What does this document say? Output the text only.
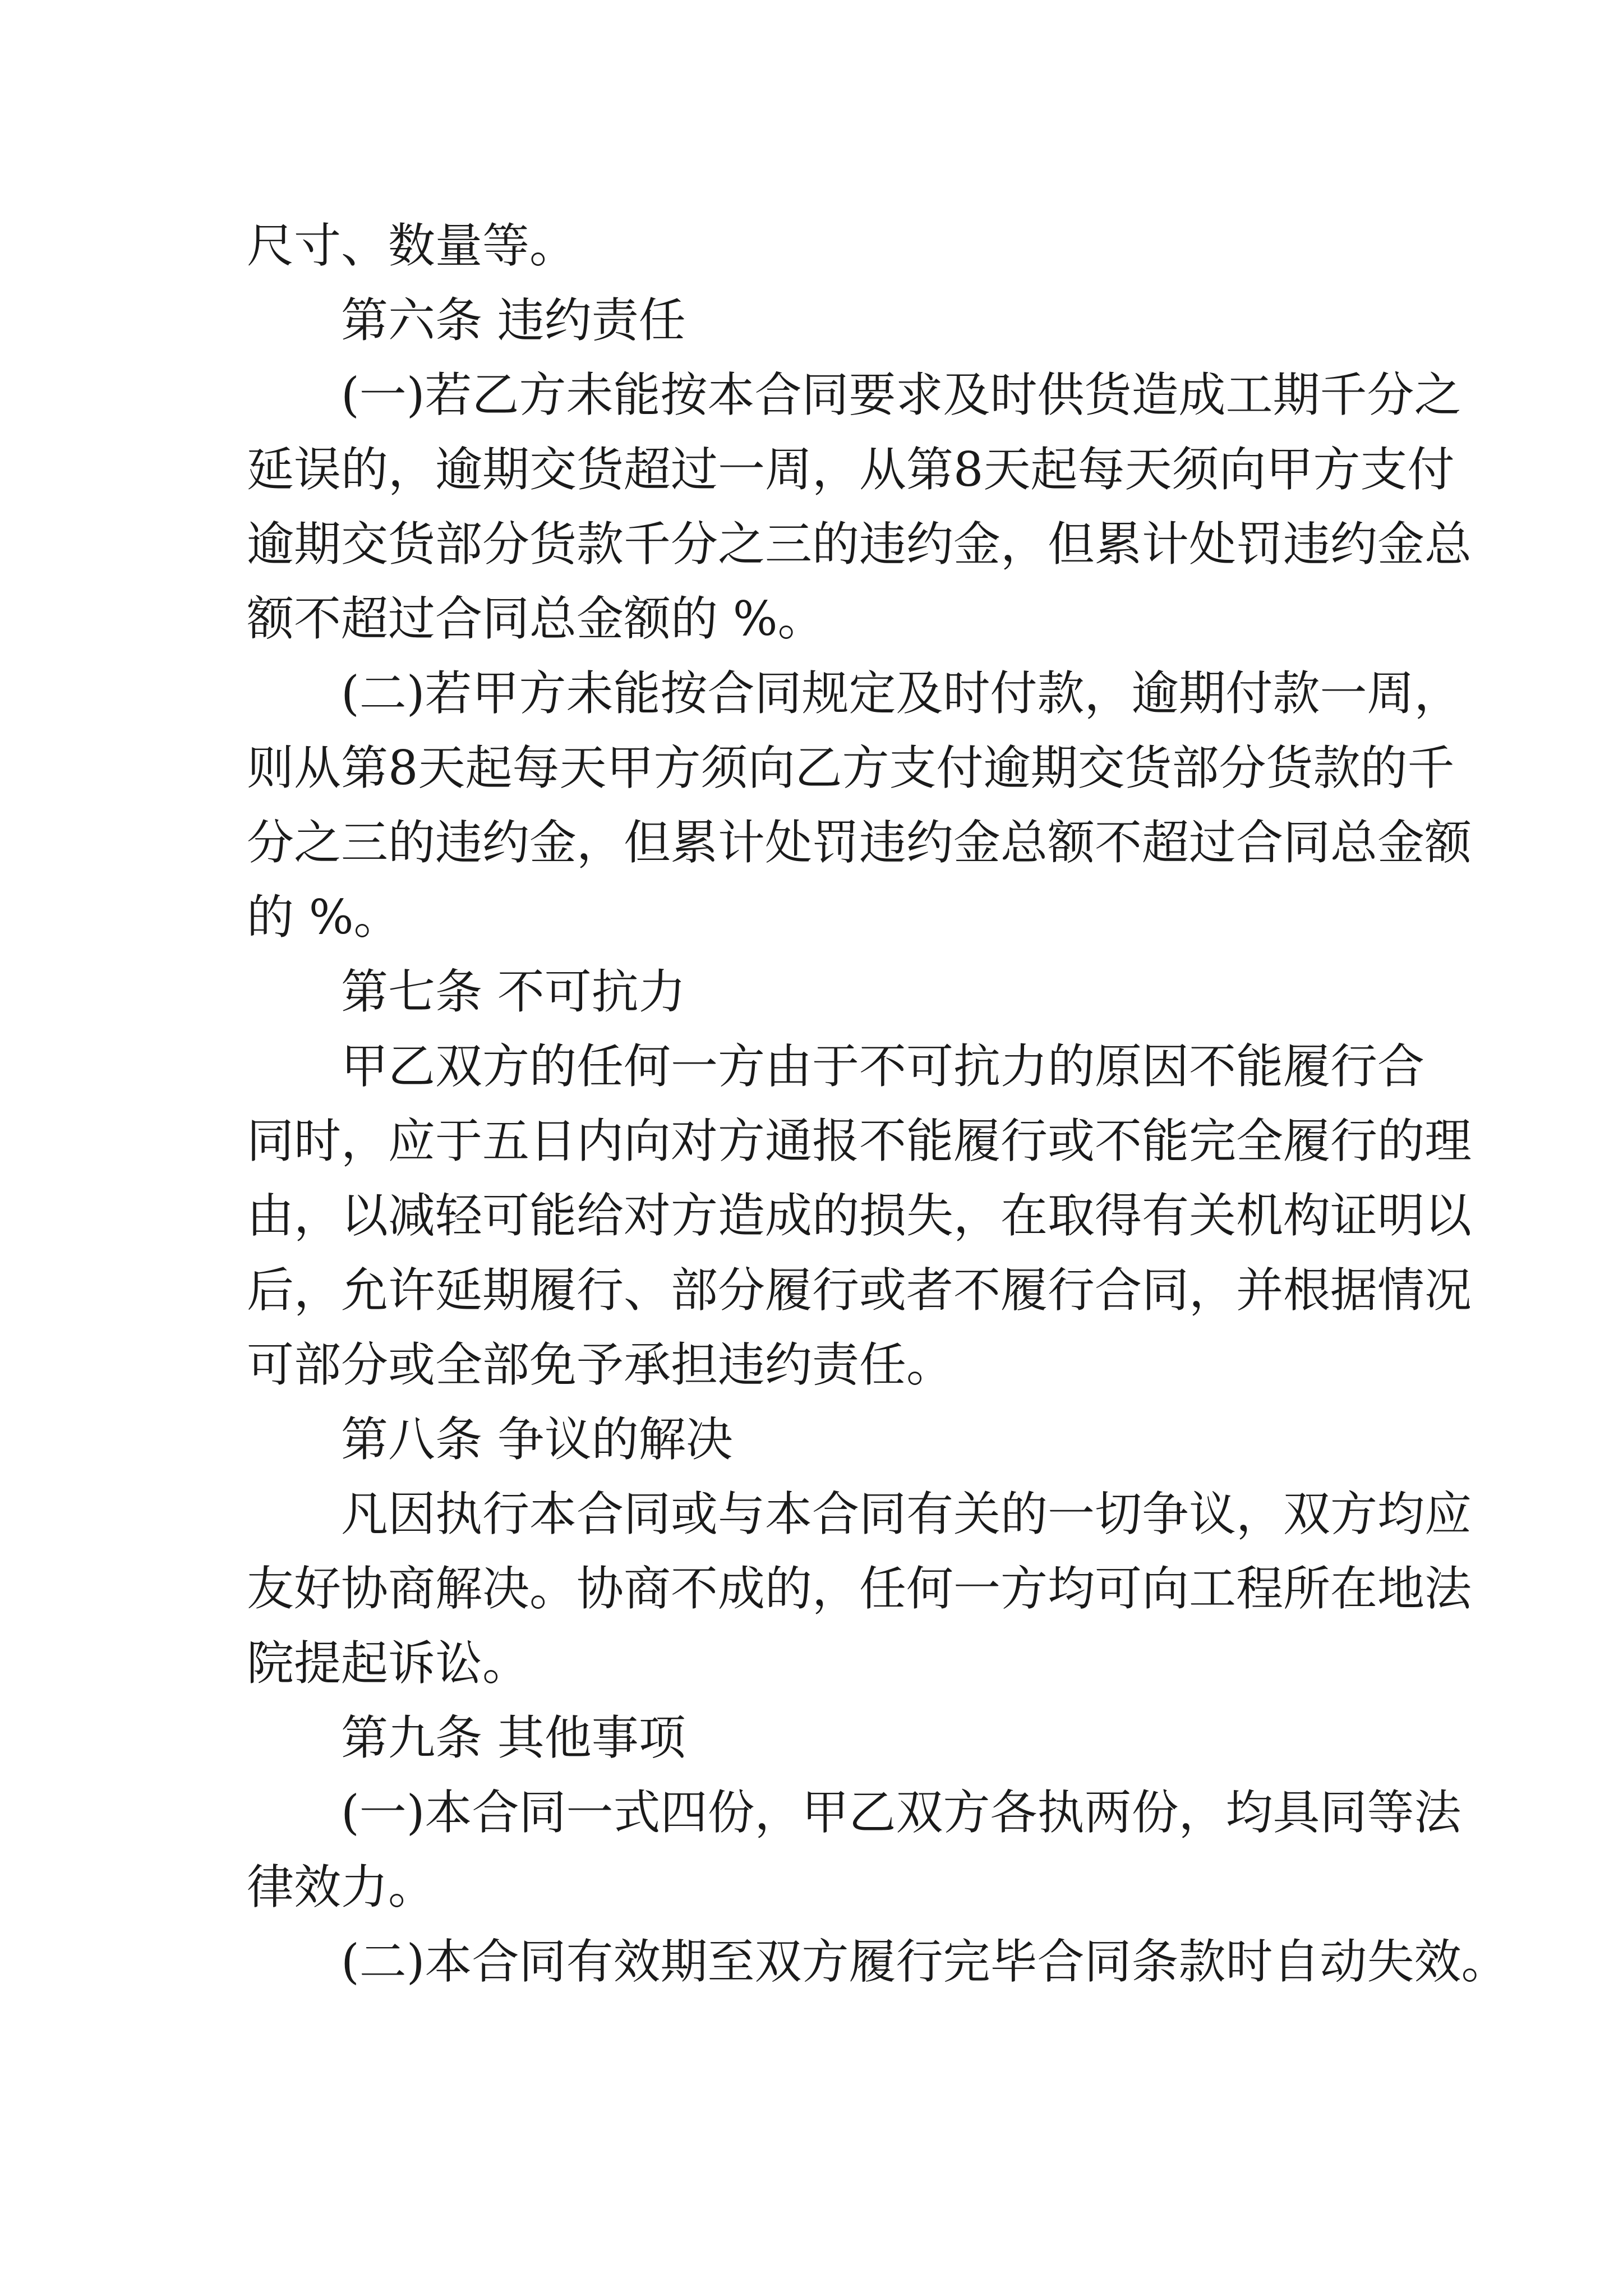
尺寸、数量等。
第六条 违约责任
(一)若乙方未能按本合同要求及时供货造成工期千分之
延误的，逾期交货超过一周，从第8天起每天须向甲方支付
逾期交货部分货款千分之三的违约金，但累计处罚违约金总
额不超过合同总金额的 %。
(二)若甲方未能按合同规定及时付款，逾期付款一周，
则从第8天起每天甲方须向乙方支付逾期交货部分货款的千
分之三的违约金，但累计处罚违约金总额不超过合同总金额
的 %。
第七条 不可抗力
甲乙双方的任何一方由于不可抗力的原因不能履行合
同时，应于五日内向对方通报不能履行或不能完全履行的理
由，以减轻可能给对方造成的损失，在取得有关机构证明以
后，允许延期履行、部分履行或者不履行合同，并根据情况
可部分或全部免予承担违约责任。
第八条 争议的解决
凡因执行本合同或与本合同有关的一切争议，双方均应
友好协商解决。协商不成的，任何一方均可向工程所在地法
院提起诉讼。
第九条 其他事项
(一)本合同一式四份，甲乙双方各执两份，均具同等法
律效力。
(二)本合同有效期至双方履行完毕合同条款时自动失效。
